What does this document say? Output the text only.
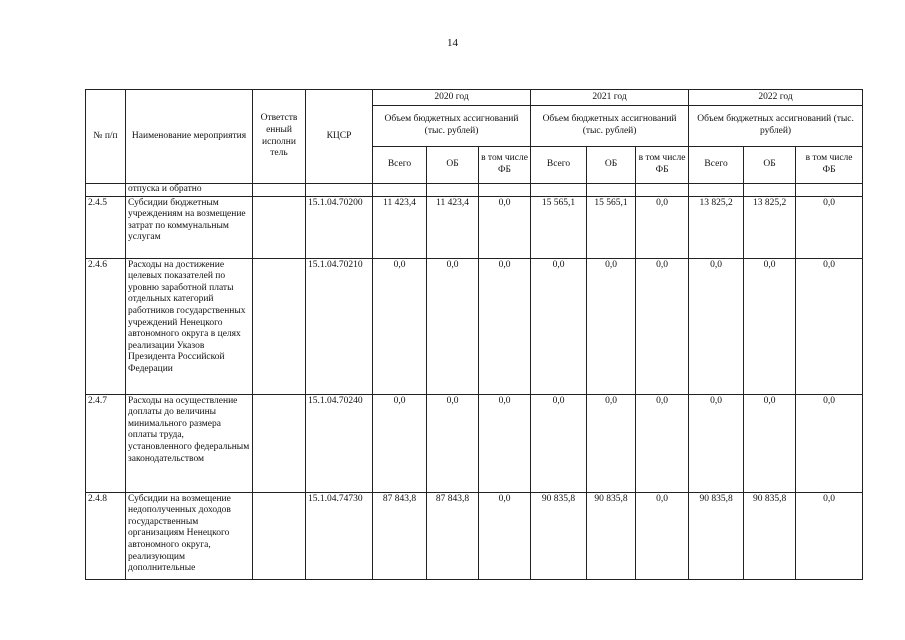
14
№ п/п	Наименование мероприятия	Ответств енный исполни тель	КЦСР	2020 год			2021 год			2022 год		
				Объем бюджетных ассигнований (тыс. рублей)			Объем бюджетных ассигнований (тыс. рублей)			Объем бюджетных ассигнований (тыс. рублей)		
				Всего	ОБ	в том числе ФБ	Всего	ОБ	в том числе ФБ	Всего	ОБ	в том числе ФБ
	отпуска и обратно											
2.4.5	Субсидии бюджетным учреждениям на возмещение затрат по коммунальным услугам		15.1.04.70200	11 423,4	11 423,4	0,0	15 565,1	15 565,1	0,0	13 825,2	13 825,2	0,0
2.4.6	Расходы на достижение целевых показателей по уровню заработной платы отдельных категорий работников государственных учреждений Ненецкого автономного округа в целях реализации Указов Президента Российской Федерации		15.1.04.70210	0,0	0,0	0,0	0,0	0,0	0,0	0,0	0,0	0,0
2.4.7	Расходы на осуществление доплаты до величины минимального размера оплаты труда, установленного федеральным законодательством		15.1.04.70240	0,0	0,0	0,0	0,0	0,0	0,0	0,0	0,0	0,0
2.4.8	Субсидии на возмещение недополученных доходов государственным организациям Ненецкого автономного округа, реализующим дополнительные		15.1.04.74730	87 843,8	87 843,8	0,0	90 835,8	90 835,8	0,0	90 835,8	90 835,8	0,0
